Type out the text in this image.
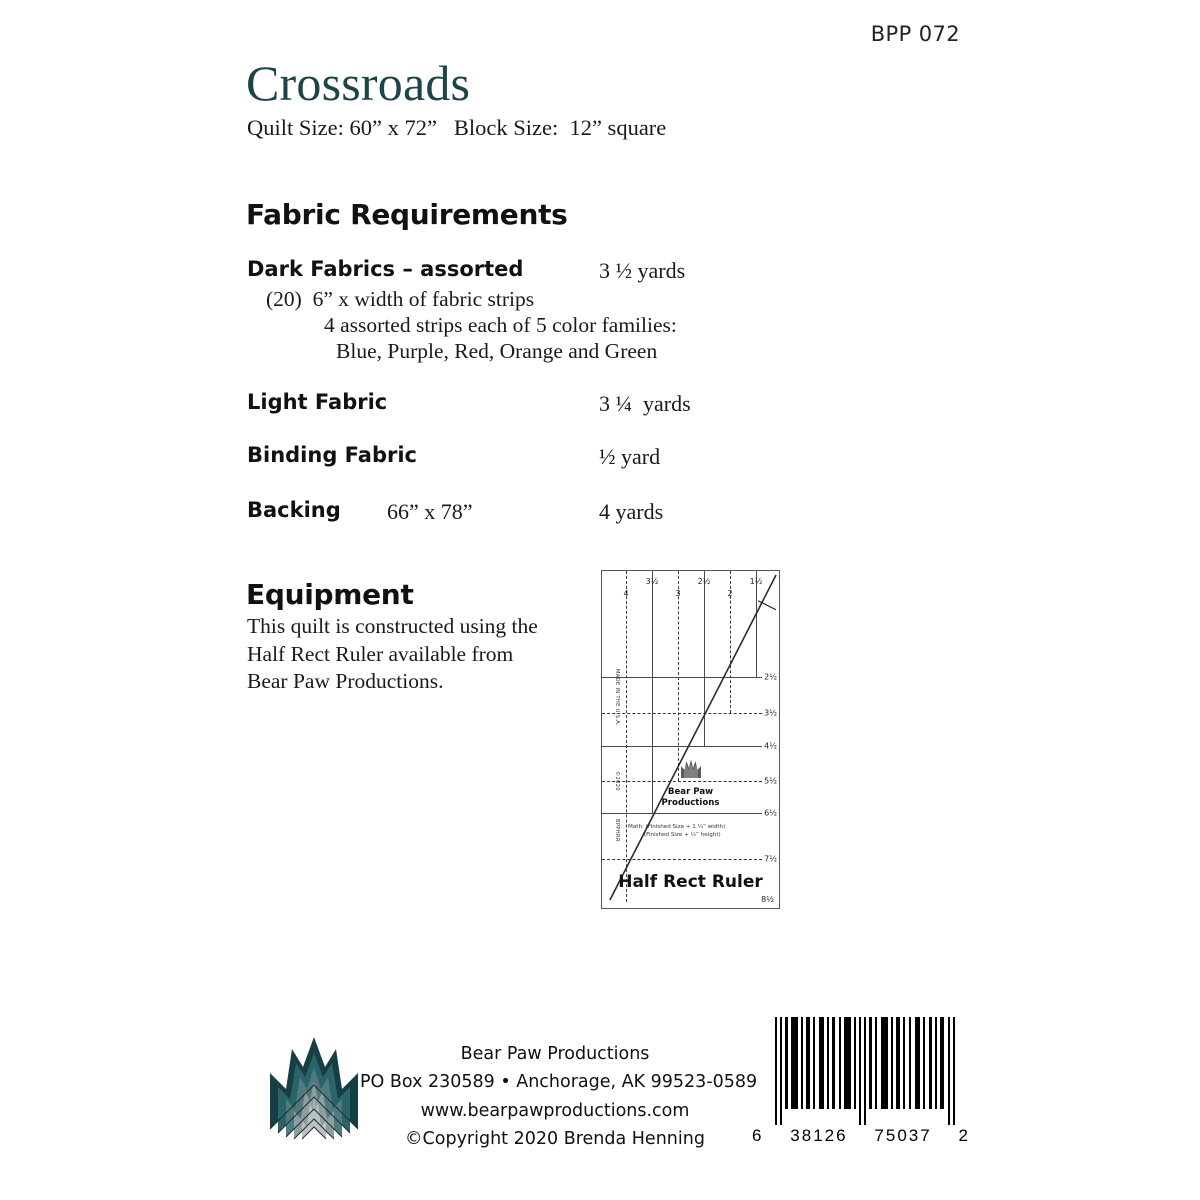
BPP 072
Crossroads
Quilt Size: 60” x 72”   Block Size:  12” square
Fabric Requirements
Dark Fabrics – assorted	3 ½ yards
(20)  6” x width of fabric strips
4 assorted strips each of 5 color families:
Blue, Purple, Red, Orange and Green
Light Fabric	3 ¼  yards
Binding Fabric	½ yard
Backing 66” x 78”	4 yards
Equipment
This quilt is constructed using the
Half Rect Ruler available from
Bear Paw Productions.
4
3½
3
2½
2
1½
2½
3½
4½
5½
6½
7½
MADE IN THE U.S.A.
©2020
BPPHRR
Bear Paw
Productions
Math: (Finished Size + 1 ¼” width)
(Finished Size + ½” height)
Half Rect Ruler
8½
Bear Paw Productions
PO Box 230589 • Anchorage, AK 99523-0589
www.bearpawproductions.com
©Copyright 2020 Brenda Henning	6 38126 75037 2
